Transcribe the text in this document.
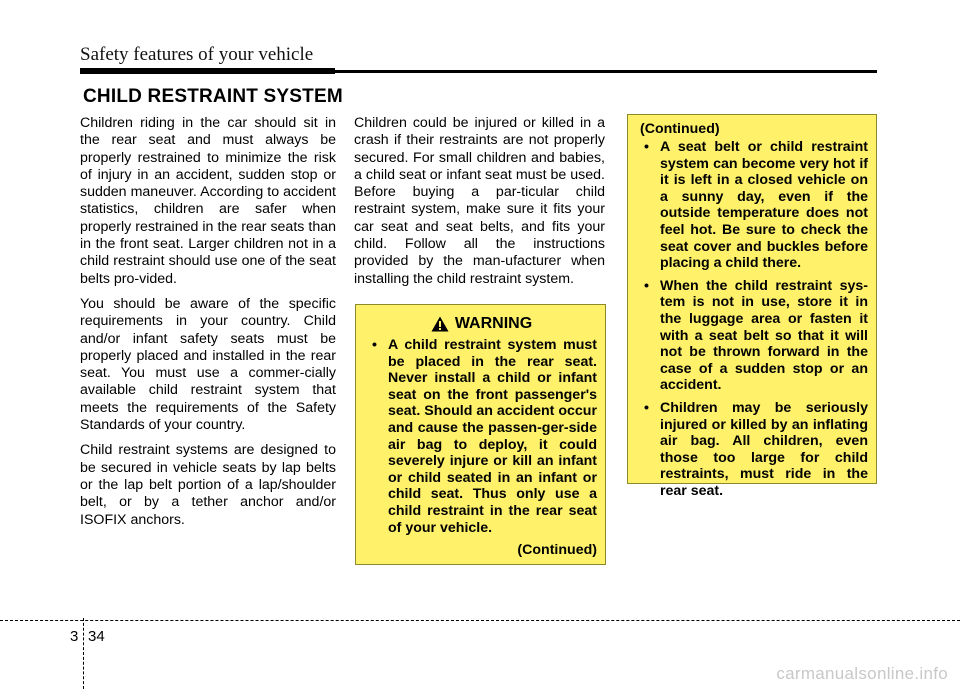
Safety features of your vehicle
CHILD RESTRAINT SYSTEM

Children riding in the car should sit in the rear seat and must always be properly restrained to minimize the risk of injury in an accident, sudden stop or sudden maneuver. According to accident statistics, children are safer when properly restrained in the rear seats than in the front seat. Larger children not in a child restraint should use one of the seat belts pro-vided.

You should be aware of the specific requirements in your country. Child and/or infant safety seats must be properly placed and installed in the rear seat. You must use a commer-cially available child restraint system that meets the requirements of the Safety Standards of your country.

Child restraint systems are designed to be secured in vehicle seats by lap belts or the lap belt portion of a lap/shoulder belt, or by a tether anchor and/or ISOFIX anchors.

Children could be injured or killed in a crash if their restraints are not properly secured. For small children and babies, a child seat or infant seat must be used. Before buying a par-ticular child restraint system, make sure it fits your car seat and seat belts, and fits your child. Follow all the instructions provided by the man-ufacturer when installing the child restraint system.

WARNING
• A child restraint system must be placed in the rear seat. Never install a child or infant seat on the front passenger's seat. Should an accident occur and cause the passen-ger-side air bag to deploy, it could severely injure or kill an infant or child seated in an infant or child seat. Thus only use a child restraint in the rear seat of your vehicle.
(Continued)
(Continued)
• A seat belt or child restraint system can become very hot if it is left in a closed vehicle on a sunny day, even if the outside temperature does not feel hot. Be sure to check the seat cover and buckles before placing a child there.
• When the child restraint sys-tem is not in use, store it in the luggage area or fasten it with a seat belt so that it will not be thrown forward in the case of a sudden stop or an accident.
• Children may be seriously injured or killed by an inflating air bag. All children, even those too large for child restraints, must ride in the rear seat.
3 34
carmanualsonline.info
